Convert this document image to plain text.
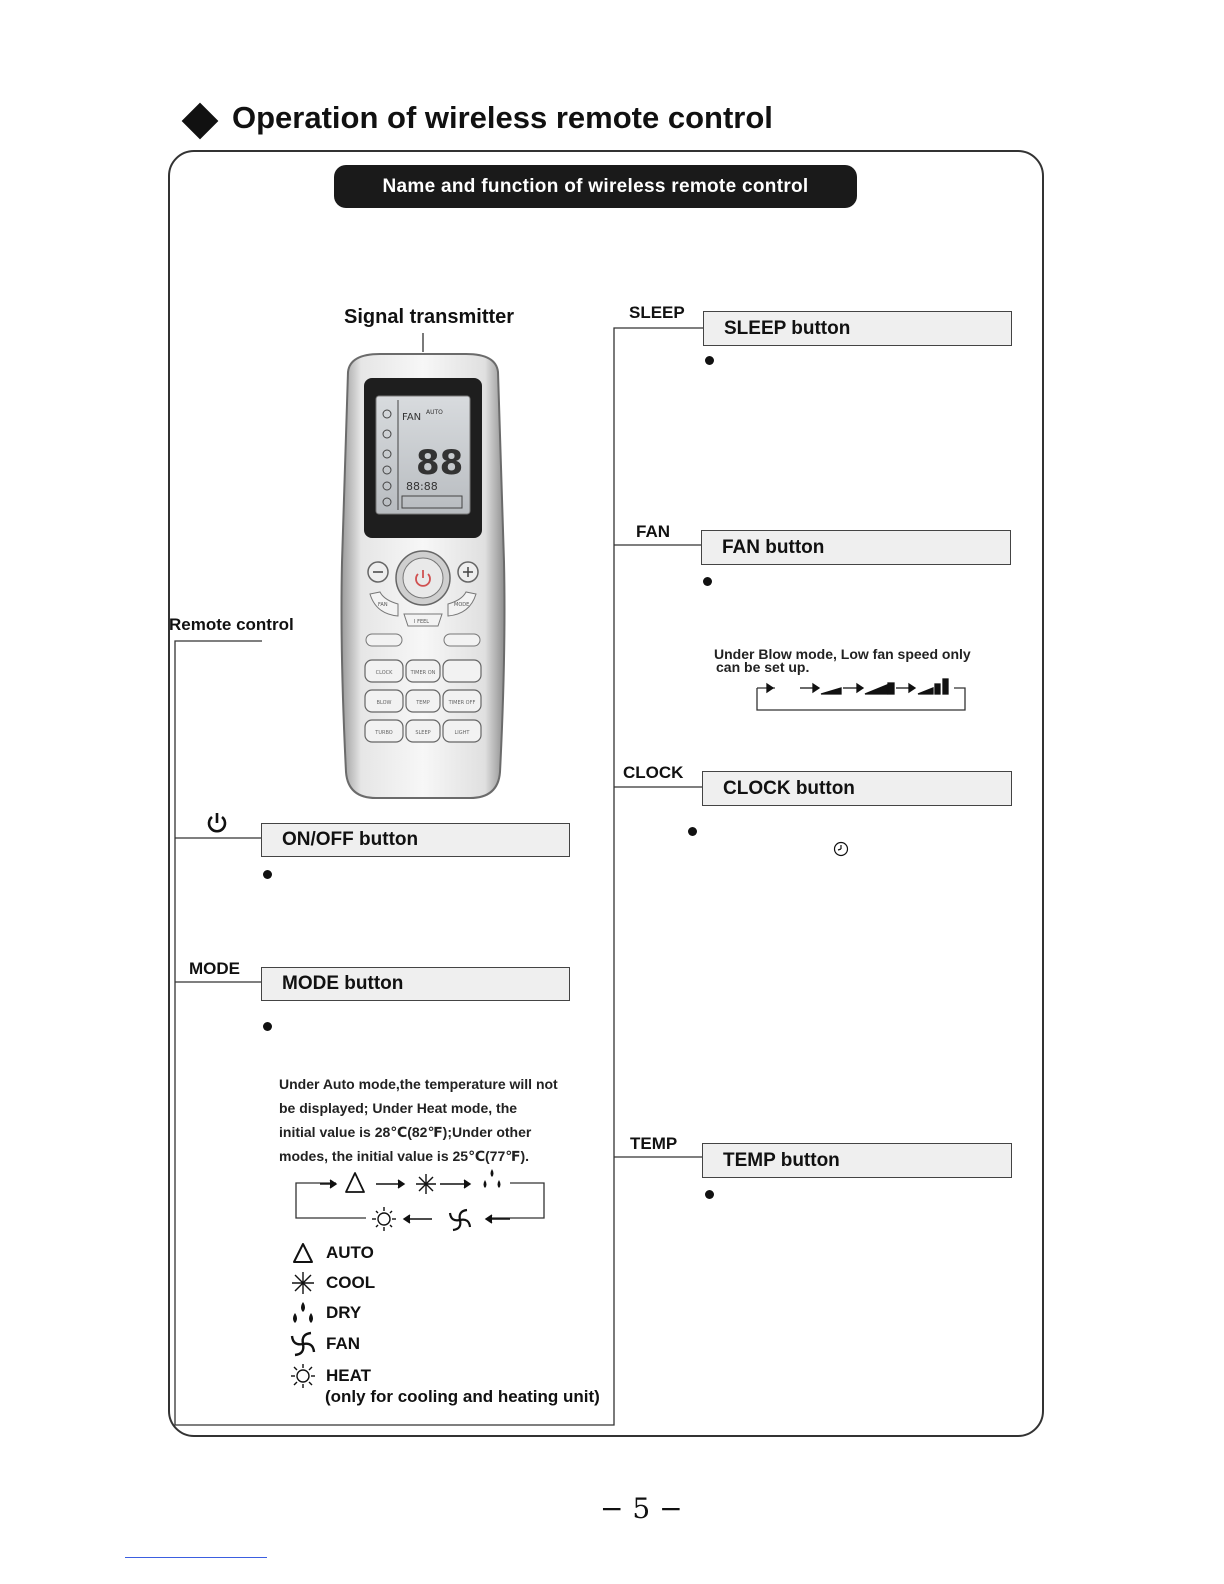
Operation of wireless remote control
Name and function of wireless remote control
Signal transmitter
Remote control
ON/OFF button
MODE
MODE button
Under Auto mode,the temperature will not
be displayed; Under Heat mode, the
initial value is 28℃(82℉);Under other
modes, the initial value is 25℃(77℉).
AUTO
COOL
DRY
FAN
HEAT
(only for cooling and heating unit)
SLEEP
SLEEP button
FAN
FAN button
Under Blow mode, Low fan speed only
can be set up.
CLOCK
CLOCK button
TEMP
TEMP button
FAN AUTO
88
88:88
FAN	MODE
I FEEL
CLOCK	TIMER ON
BLOW	TEMP	TIMER OFF
TURBO	SLEEP	LIGHT
− 5 −
